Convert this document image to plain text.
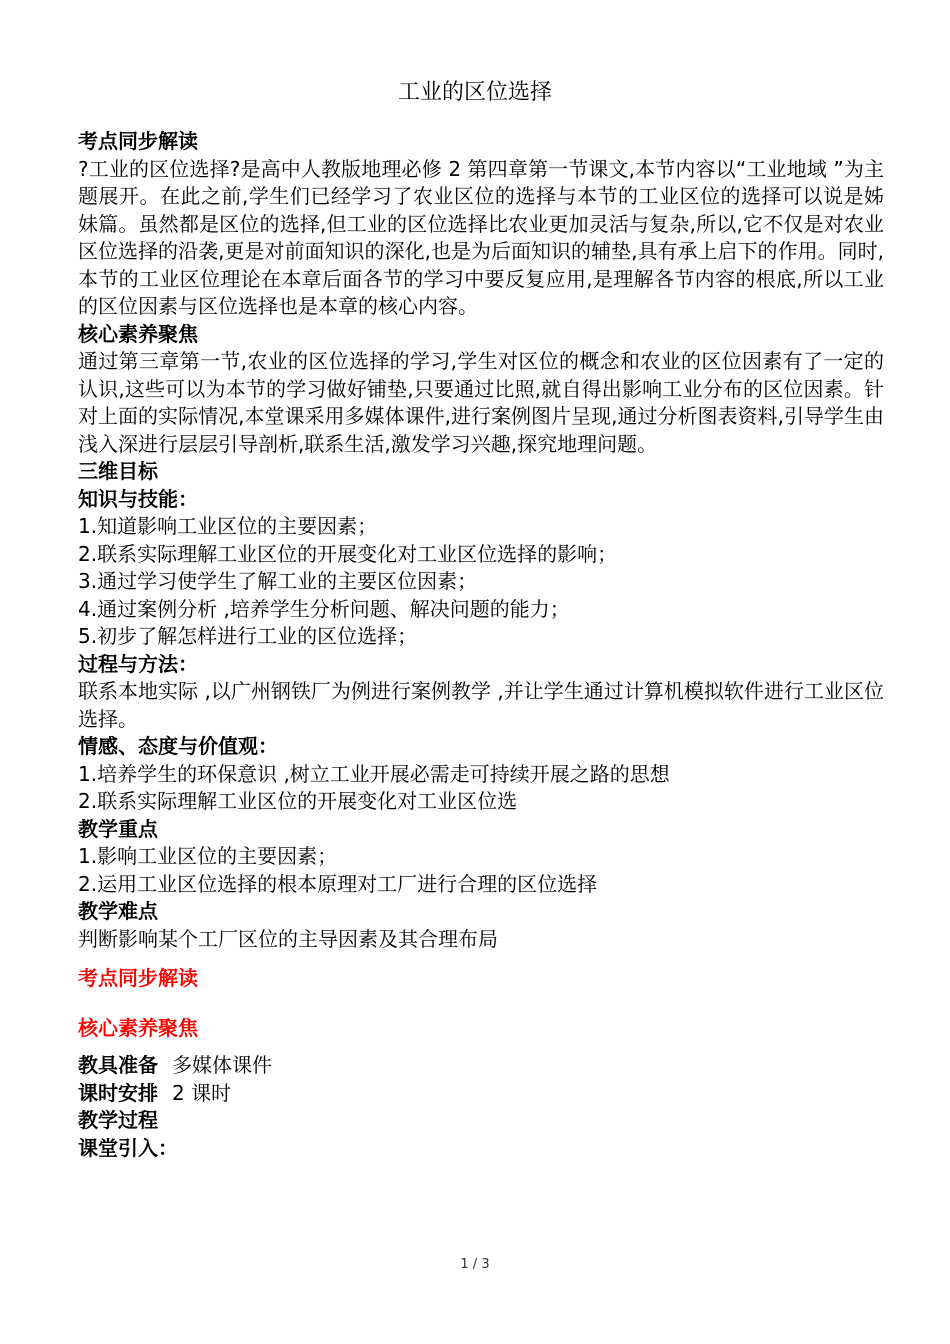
工业的区位选择

考点同步解读

?工业的区位选择?是高中人教版地理必修 2 第四章第一节课文,本节内容以“工业地域 ”为主题展开。在此之前,学生们已经学习了农业区位的选择与本节的工业区位的选择可以说是姊妹篇。虽然都是区位的选择,但工业的区位选择比农业更加灵活与复杂,所以,它不仅是对农业区位选择的沿袭,更是对前面知识的深化,也是为后面知识的辅垫,具有承上启下的作用。同时,本节的工业区位理论在本章后面各节的学习中要反复应用,是理解各节内容的根底,所以工业的区位因素与区位选择也是本章的核心内容。

核心素养聚焦

通过第三章第一节,农业的区位选择的学习,学生对区位的概念和农业的区位因素有了一定的认识,这些可以为本节的学习做好铺垫,只要通过比照,就自得出影响工业分布的区位因素。针对上面的实际情况,本堂课采用多媒体课件,进行案例图片呈现,通过分析图表资料,引导学生由浅入深进行层层引导剖析,联系生活,激发学习兴趣,探究地理问题。

三维目标

知识与技能：

1.知道影响工业区位的主要因素；

2.联系实际理解工业区位的开展变化对工业区位选择的影响；

3.通过学习使学生了解工业的主要区位因素；

4.通过案例分析 ,培养学生分析问题、解决问题的能力；

5.初步了解怎样进行工业的区位选择；

过程与方法：

联系本地实际 ,以广州钢铁厂为例进行案例教学 ,并让学生通过计算机模拟软件进行工业区位选择。

情感、态度与价值观：

1.培养学生的环保意识 ,树立工业开展必需走可持续开展之路的思想

2.联系实际理解工业区位的开展变化对工业区位选

教学重点

1.影响工业区位的主要因素；

2.运用工业区位选择的根本原理对工厂进行合理的区位选择

教学难点

判断影响某个工厂区位的主导因素及其合理布局

考点同步解读

核心素养聚焦

教具准备 多媒体课件

课时安排 2 课时

教学过程

课堂引入：

1 / 3
